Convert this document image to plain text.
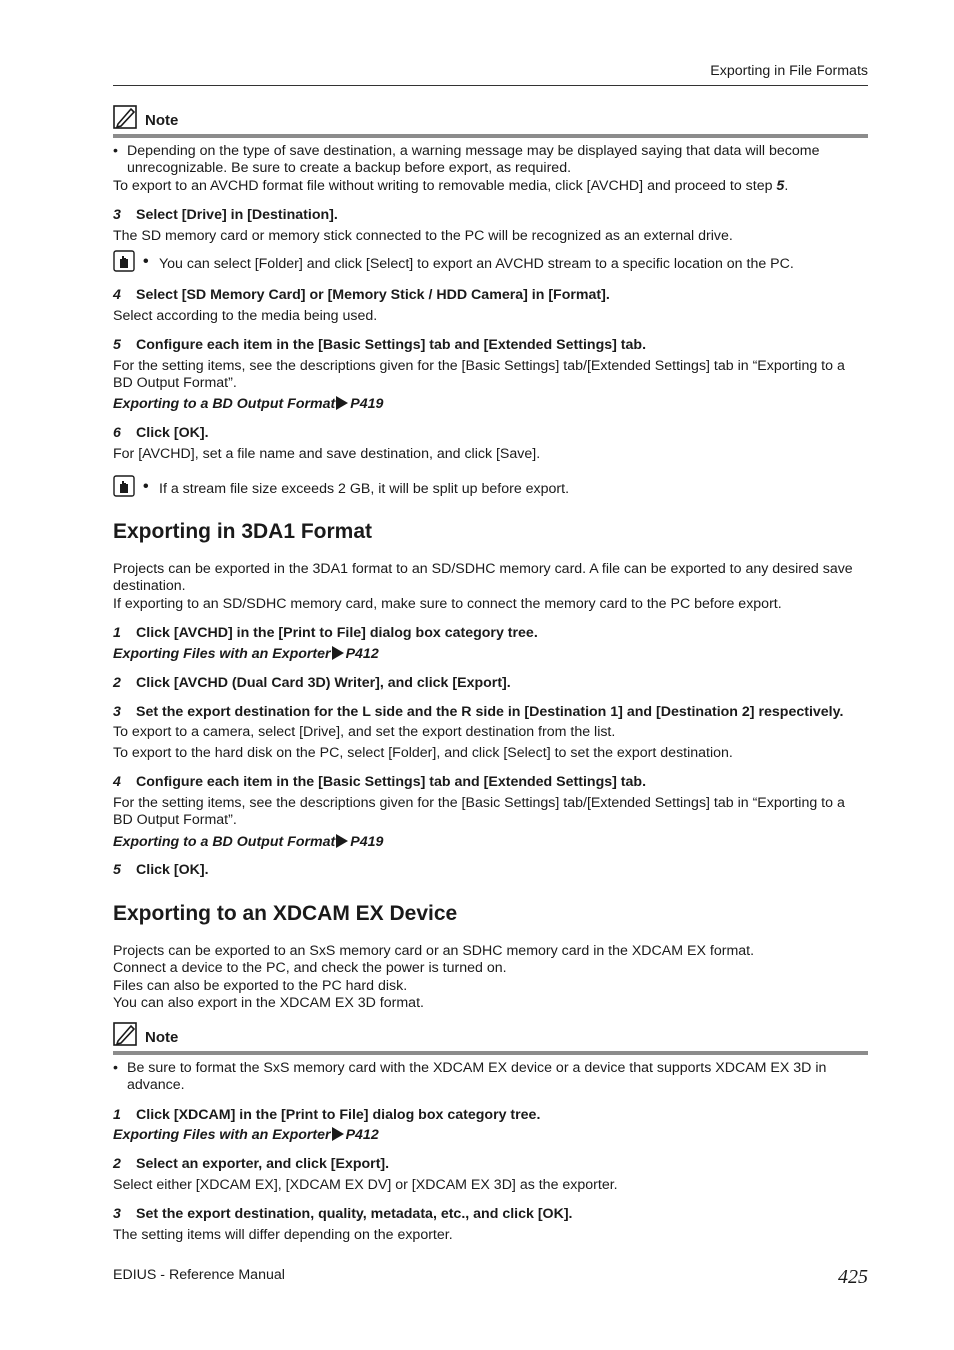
Exporting in File Formats
Note
• Depending on the type of save destination, a warning message may be displayed saying that data will become
unrecognizable. Be sure to create a backup before export, as required.
To export to an AVCHD format file without writing to removable media, click [AVCHD] and proceed to step 5.
3 Select [Drive] in [Destination].
The SD memory card or memory stick connected to the PC will be recognized as an external drive.
• You can select [Folder] and click [Select] to export an AVCHD stream to a specific location on the PC.
4 Select [SD Memory Card] or [Memory Stick / HDD Camera] in [Format].
Select according to the media being used.
5 Configure each item in the [Basic Settings] tab and [Extended Settings] tab.
For the setting items, see the descriptions given for the [Basic Settings] tab/[Extended Settings] tab in “Exporting to a
BD Output Format”.
Exporting to a BD Output Format P419
6 Click [OK].
For [AVCHD], set a file name and save destination, and click [Save].
• If a stream file size exceeds 2 GB, it will be split up before export.
Exporting in 3DA1 Format
Projects can be exported in the 3DA1 format to an SD/SDHC memory card. A file can be exported to any desired save
destination.
If exporting to an SD/SDHC memory card, make sure to connect the memory card to the PC before export.
1 Click [AVCHD] in the [Print to File] dialog box category tree.
Exporting Files with an Exporter P412
2 Click [AVCHD (Dual Card 3D) Writer], and click [Export].
3 Set the export destination for the L side and the R side in [Destination 1] and [Destination 2] respectively.
To export to a camera, select [Drive], and set the export destination from the list.
To export to the hard disk on the PC, select [Folder], and click [Select] to set the export destination.
4 Configure each item in the [Basic Settings] tab and [Extended Settings] tab.
For the setting items, see the descriptions given for the [Basic Settings] tab/[Extended Settings] tab in “Exporting to a
BD Output Format”.
Exporting to a BD Output Format P419
5 Click [OK].
Exporting to an XDCAM EX Device
Projects can be exported to an SxS memory card or an SDHC memory card in the XDCAM EX format.
Connect a device to the PC, and check the power is turned on.
Files can also be exported to the PC hard disk.
You can also export in the XDCAM EX 3D format.
Note
• Be sure to format the SxS memory card with the XDCAM EX device or a device that supports XDCAM EX 3D in
advance.
1 Click [XDCAM] in the [Print to File] dialog box category tree.
Exporting Files with an Exporter P412
2 Select an exporter, and click [Export].
Select either [XDCAM EX], [XDCAM EX DV] or [XDCAM EX 3D] as the exporter.
3 Set the export destination, quality, metadata, etc., and click [OK].
The setting items will differ depending on the exporter.
EDIUS - Reference Manual	425
